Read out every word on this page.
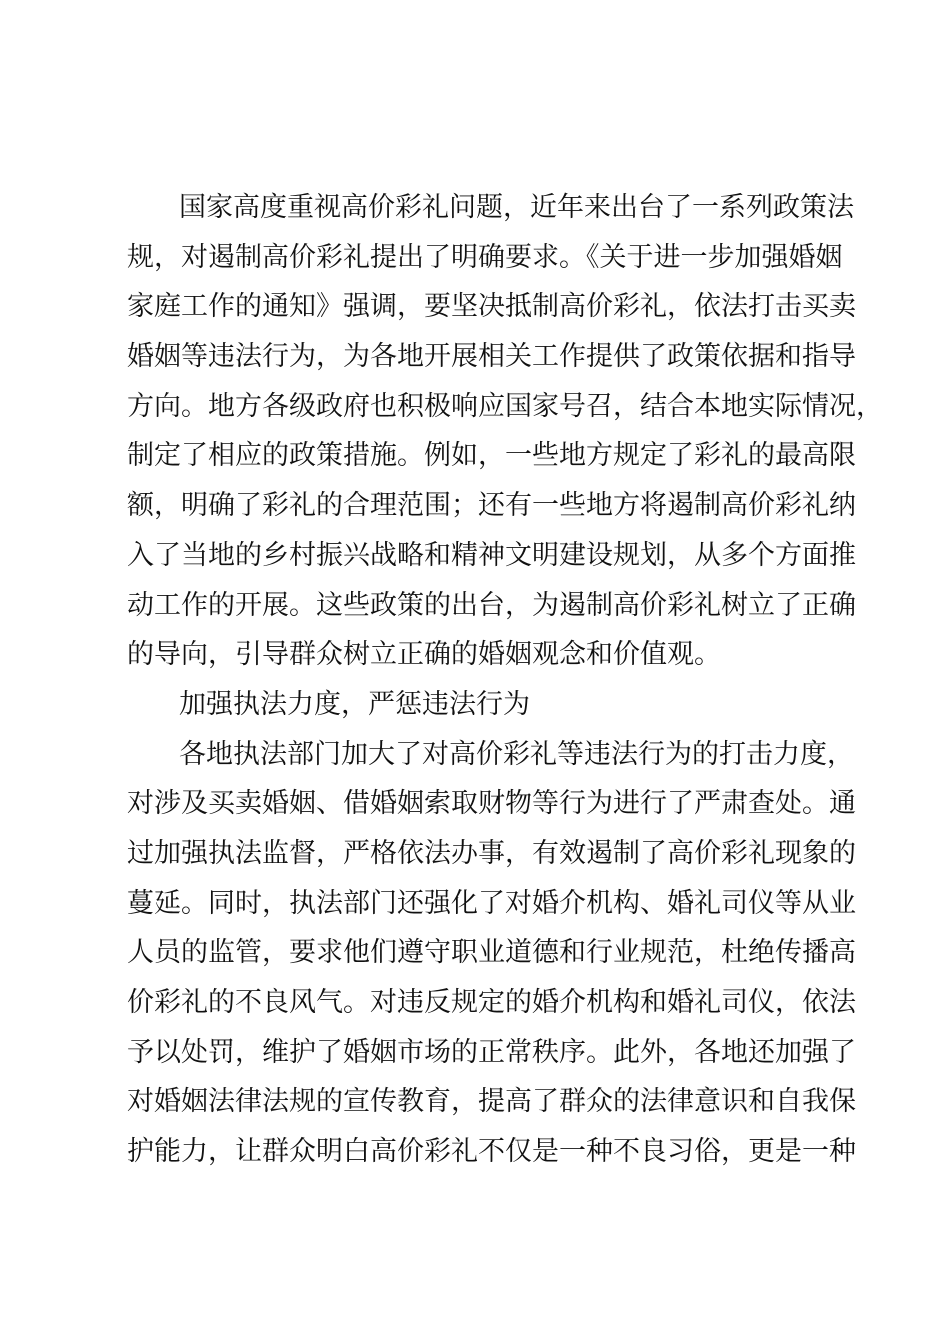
国家高度重视高价彩礼问题，近年来出台了一系列政策法
规，对遏制高价彩礼提出了明确要求。《关于进一步加强婚姻
家庭工作的通知》强调，要坚决抵制高价彩礼，依法打击买卖
婚姻等违法行为，为各地开展相关工作提供了政策依据和指导
方向。地方各级政府也积极响应国家号召，结合本地实际情况，
制定了相应的政策措施。例如，一些地方规定了彩礼的最高限
额，明确了彩礼的合理范围；还有一些地方将遏制高价彩礼纳
入了当地的乡村振兴战略和精神文明建设规划，从多个方面推
动工作的开展。这些政策的出台，为遏制高价彩礼树立了正确
的导向，引导群众树立正确的婚姻观念和价值观。
加强执法力度，严惩违法行为
各地执法部门加大了对高价彩礼等违法行为的打击力度，
对涉及买卖婚姻、借婚姻索取财物等行为进行了严肃查处。通
过加强执法监督，严格依法办事，有效遏制了高价彩礼现象的
蔓延。同时，执法部门还强化了对婚介机构、婚礼司仪等从业
人员的监管，要求他们遵守职业道德和行业规范，杜绝传播高
价彩礼的不良风气。对违反规定的婚介机构和婚礼司仪，依法
予以处罚，维护了婚姻市场的正常秩序。此外，各地还加强了
对婚姻法律法规的宣传教育，提高了群众的法律意识和自我保
护能力，让群众明白高价彩礼不仅是一种不良习俗，更是一种
